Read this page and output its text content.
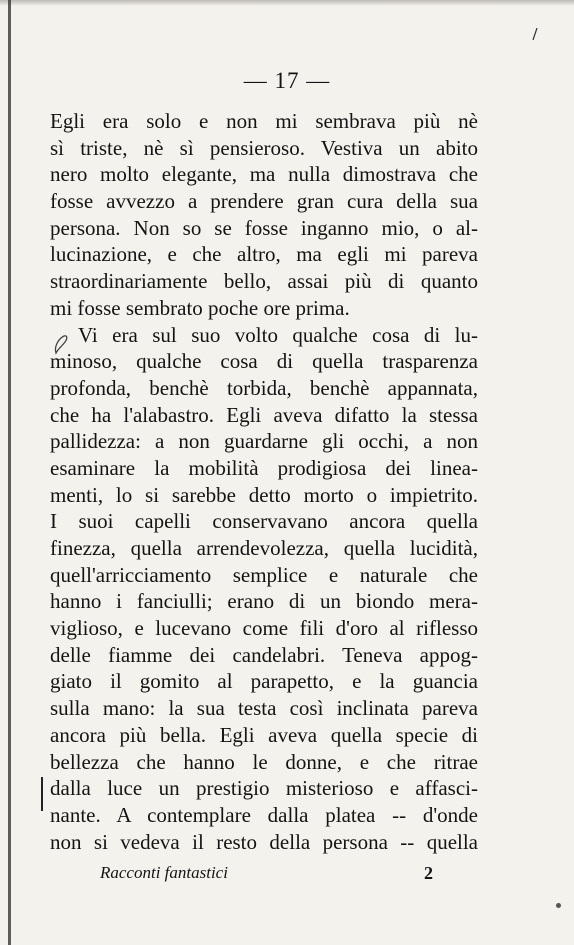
— 17 —
Egli era solo e non mi sembrava più nè
sì triste, nè sì pensieroso. Vestiva un abito
nero molto elegante, ma nulla dimostrava che
fosse avvezzo a prendere gran cura della sua
persona. Non so se fosse inganno mio, o al-
lucinazione, e che altro, ma egli mi pareva
straordinariamente bello, assai più di quanto
mi fosse sembrato poche ore prima.
Vi era sul suo volto qualche cosa di lu-
minoso, qualche cosa di quella trasparenza
profonda, benchè torbida, benchè appannata,
che ha l'alabastro. Egli aveva difatto la stessa
pallidezza: a non guardarne gli occhi, a non
esaminare la mobilità prodigiosa dei linea-
menti, lo si sarebbe detto morto o impietrito.
I suoi capelli conservavano ancora quella
finezza, quella arrendevolezza, quella lucidità,
quell'arricciamento semplice e naturale che
hanno i fanciulli; erano di un biondo mera-
viglioso, e lucevano come fili d'oro al riflesso
delle fiamme dei candelabri. Teneva appog-
giato il gomito al parapetto, e la guancia
sulla mano: la sua testa così inclinata pareva
ancora più bella. Egli aveva quella specie di
bellezza che hanno le donne, e che ritrae
dalla luce un prestigio misterioso e affasci-
nante. A contemplare dalla platea -- d'onde
non si vedeva il resto della persona -- quella
Racconti fantastici	2
